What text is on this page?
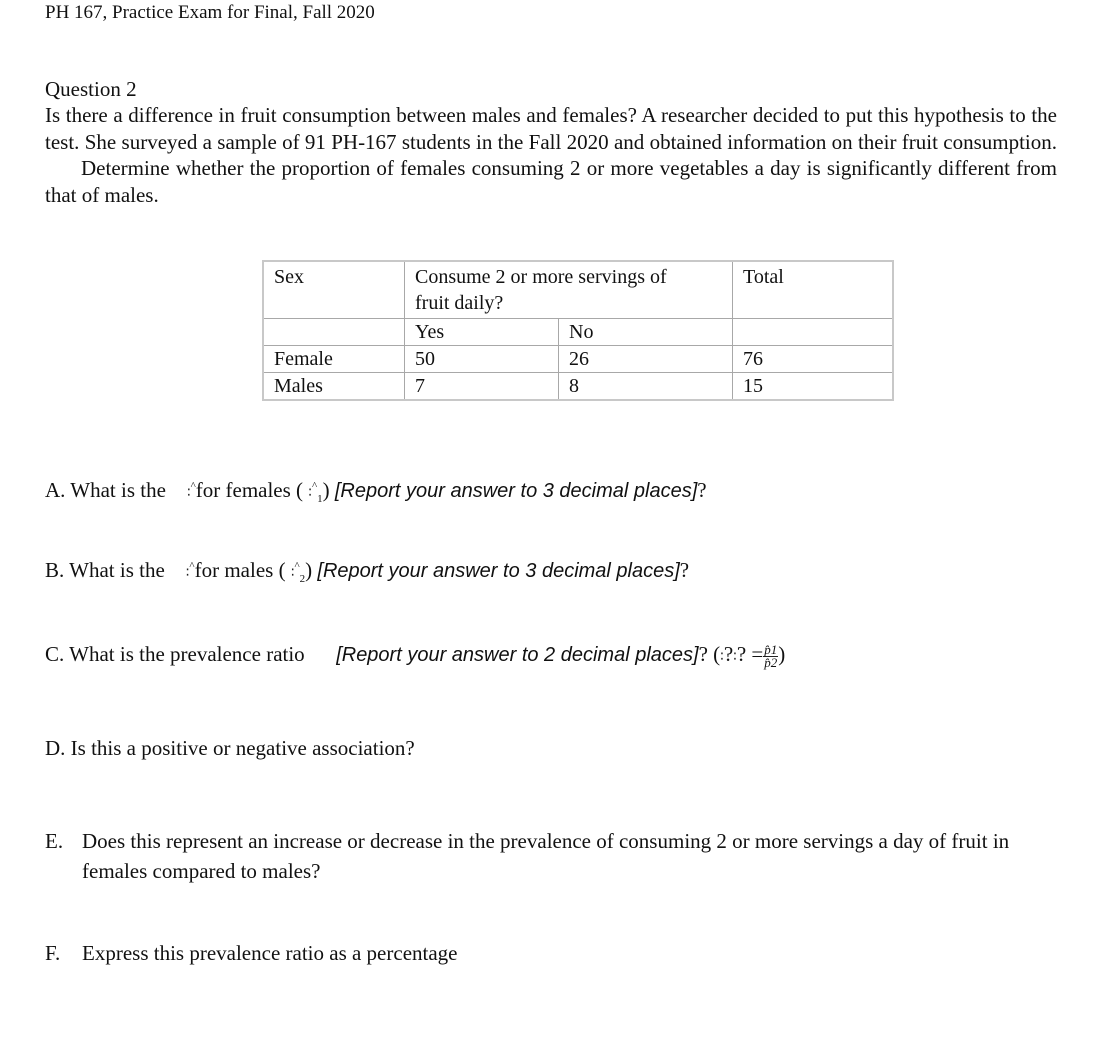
PH 167, Practice Exam for Final, Fall 2020
Question 2
Is there a difference in fruit consumption between males and females? A researcher decided to put this hypothesis to the test. She surveyed a sample of 91 PH-167 students in the Fall 2020 and obtained information on their fruit consumption.Determine whether the proportion of females consuming 2 or more vegetables a day is significantly different from that of males.
Sex	Consume 2 or more servings of fruit daily?		Total
	Yes	No	
Female	50	26	76
Males	7	8	15
A. What is the ∶^for females ( $∶^{\^{}}_1$) [Report your answer to 3 decimal places]?
B. What is the ∶^for males ( $∶^{\^{}}_2$) [Report your answer to 3 decimal places]?
C. What is the prevalence ratio [Report your answer to 2 decimal places]? (∶?∶? = $\frac{p̂1}{p̂2}$ )
D. Is this a positive or negative association?
E. Does this represent an increase or decrease in the prevalence of consuming 2 or more servings a day of fruit in females compared to males?
F. Express this prevalence ratio as a percentage
